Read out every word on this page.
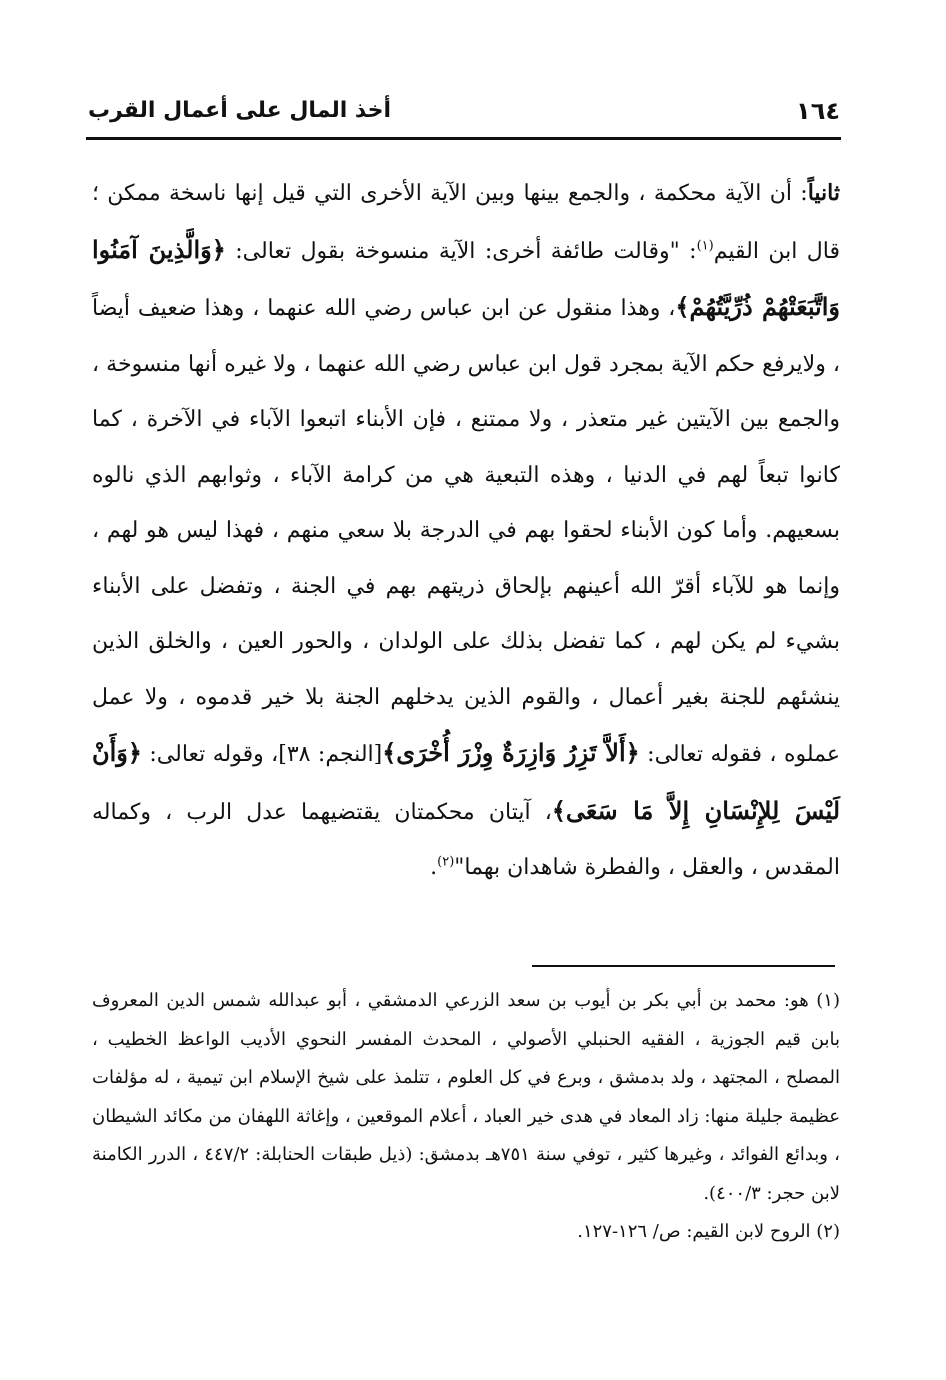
١٦٤
أخذ المال على أعمال القرب

ثانياً: أن الآية محكمة ، والجمع بينها وبين الآية الأخرى التي قيل إنها ناسخة ممكن ؛ قال ابن القيم$^{(١)}$: "وقالت طائفة أخرى: الآية منسوخة بقول تعالى: ﴿وَالَّذِينَ آمَنُوا وَاتَّبَعَتْهُمْ ذُرِّيَّتُهُمْ﴾، وهذا منقول عن ابن عباس رضي الله عنهما ، وهذا ضعيف أيضاً ، ولايرفع حكم الآية بمجرد قول ابن عباس رضي الله عنهما ، ولا غيره أنها منسوخة ، والجمع بين الآيتين غير متعذر ، ولا ممتنع ، فإن الأبناء اتبعوا الآباء في الآخرة ، كما كانوا تبعاً لهم في الدنيا ، وهذه التبعية هي من كرامة الآباء ، وثوابهم الذي نالوه بسعيهم. وأما كون الأبناء لحقوا بهم في الدرجة بلا سعي منهم ، فهذا ليس هو لهم ، وإنما هو للآباء أقرّ الله أعينهم بإلحاق ذريتهم بهم في الجنة ، وتفضل على الأبناء بشيء لم يكن لهم ، كما تفضل بذلك على الولدان ، والحور العين ، والخلق الذين ينشئهم للجنة بغير أعمال ، والقوم الذين يدخلهم الجنة بلا خير قدموه ، ولا عمل عملوه ، فقوله تعالى: ﴿أَلاَّ تَزِرُ وَازِرَةٌ وِزْرَ أُخْرَى﴾[النجم: ٣٨]، وقوله تعالى: ﴿وَأَنْ لَيْسَ لِلإِنْسَانِ إِلاَّ مَا سَعَى﴾، آيتان محكمتان يقتضيهما عدل الرب ، وكماله المقدس ، والعقل ، والفطرة شاهدان بهما"$^{(٢)}$.

(١) هو: محمد بن أبي بكر بن أيوب بن سعد الزرعي الدمشقي ، أبو عبدالله شمس الدين المعروف بابن قيم الجوزية ، الفقيه الحنبلي الأصولي ، المحدث المفسر النحوي الأديب الواعظ الخطيب ، المصلح ، المجتهد ، ولد بدمشق ، وبرع في كل العلوم ، تتلمذ على شيخ الإسلام ابن تيمية ، له مؤلفات عظيمة جليلة منها: زاد المعاد في هدى خير العباد ، أعلام الموقعين ، وإغاثة اللهفان من مكائد الشيطان ، وبدائع الفوائد ، وغيرها كثير ، توفي سنة ٧٥١هـ بدمشق: (ذيل طبقات الحنابلة: ٤٤٧/٢ ، الدرر الكامنة لابن حجر: ٤٠٠/٣).

(٢) الروح لابن القيم: ص/ ١٢٦-١٢٧.
